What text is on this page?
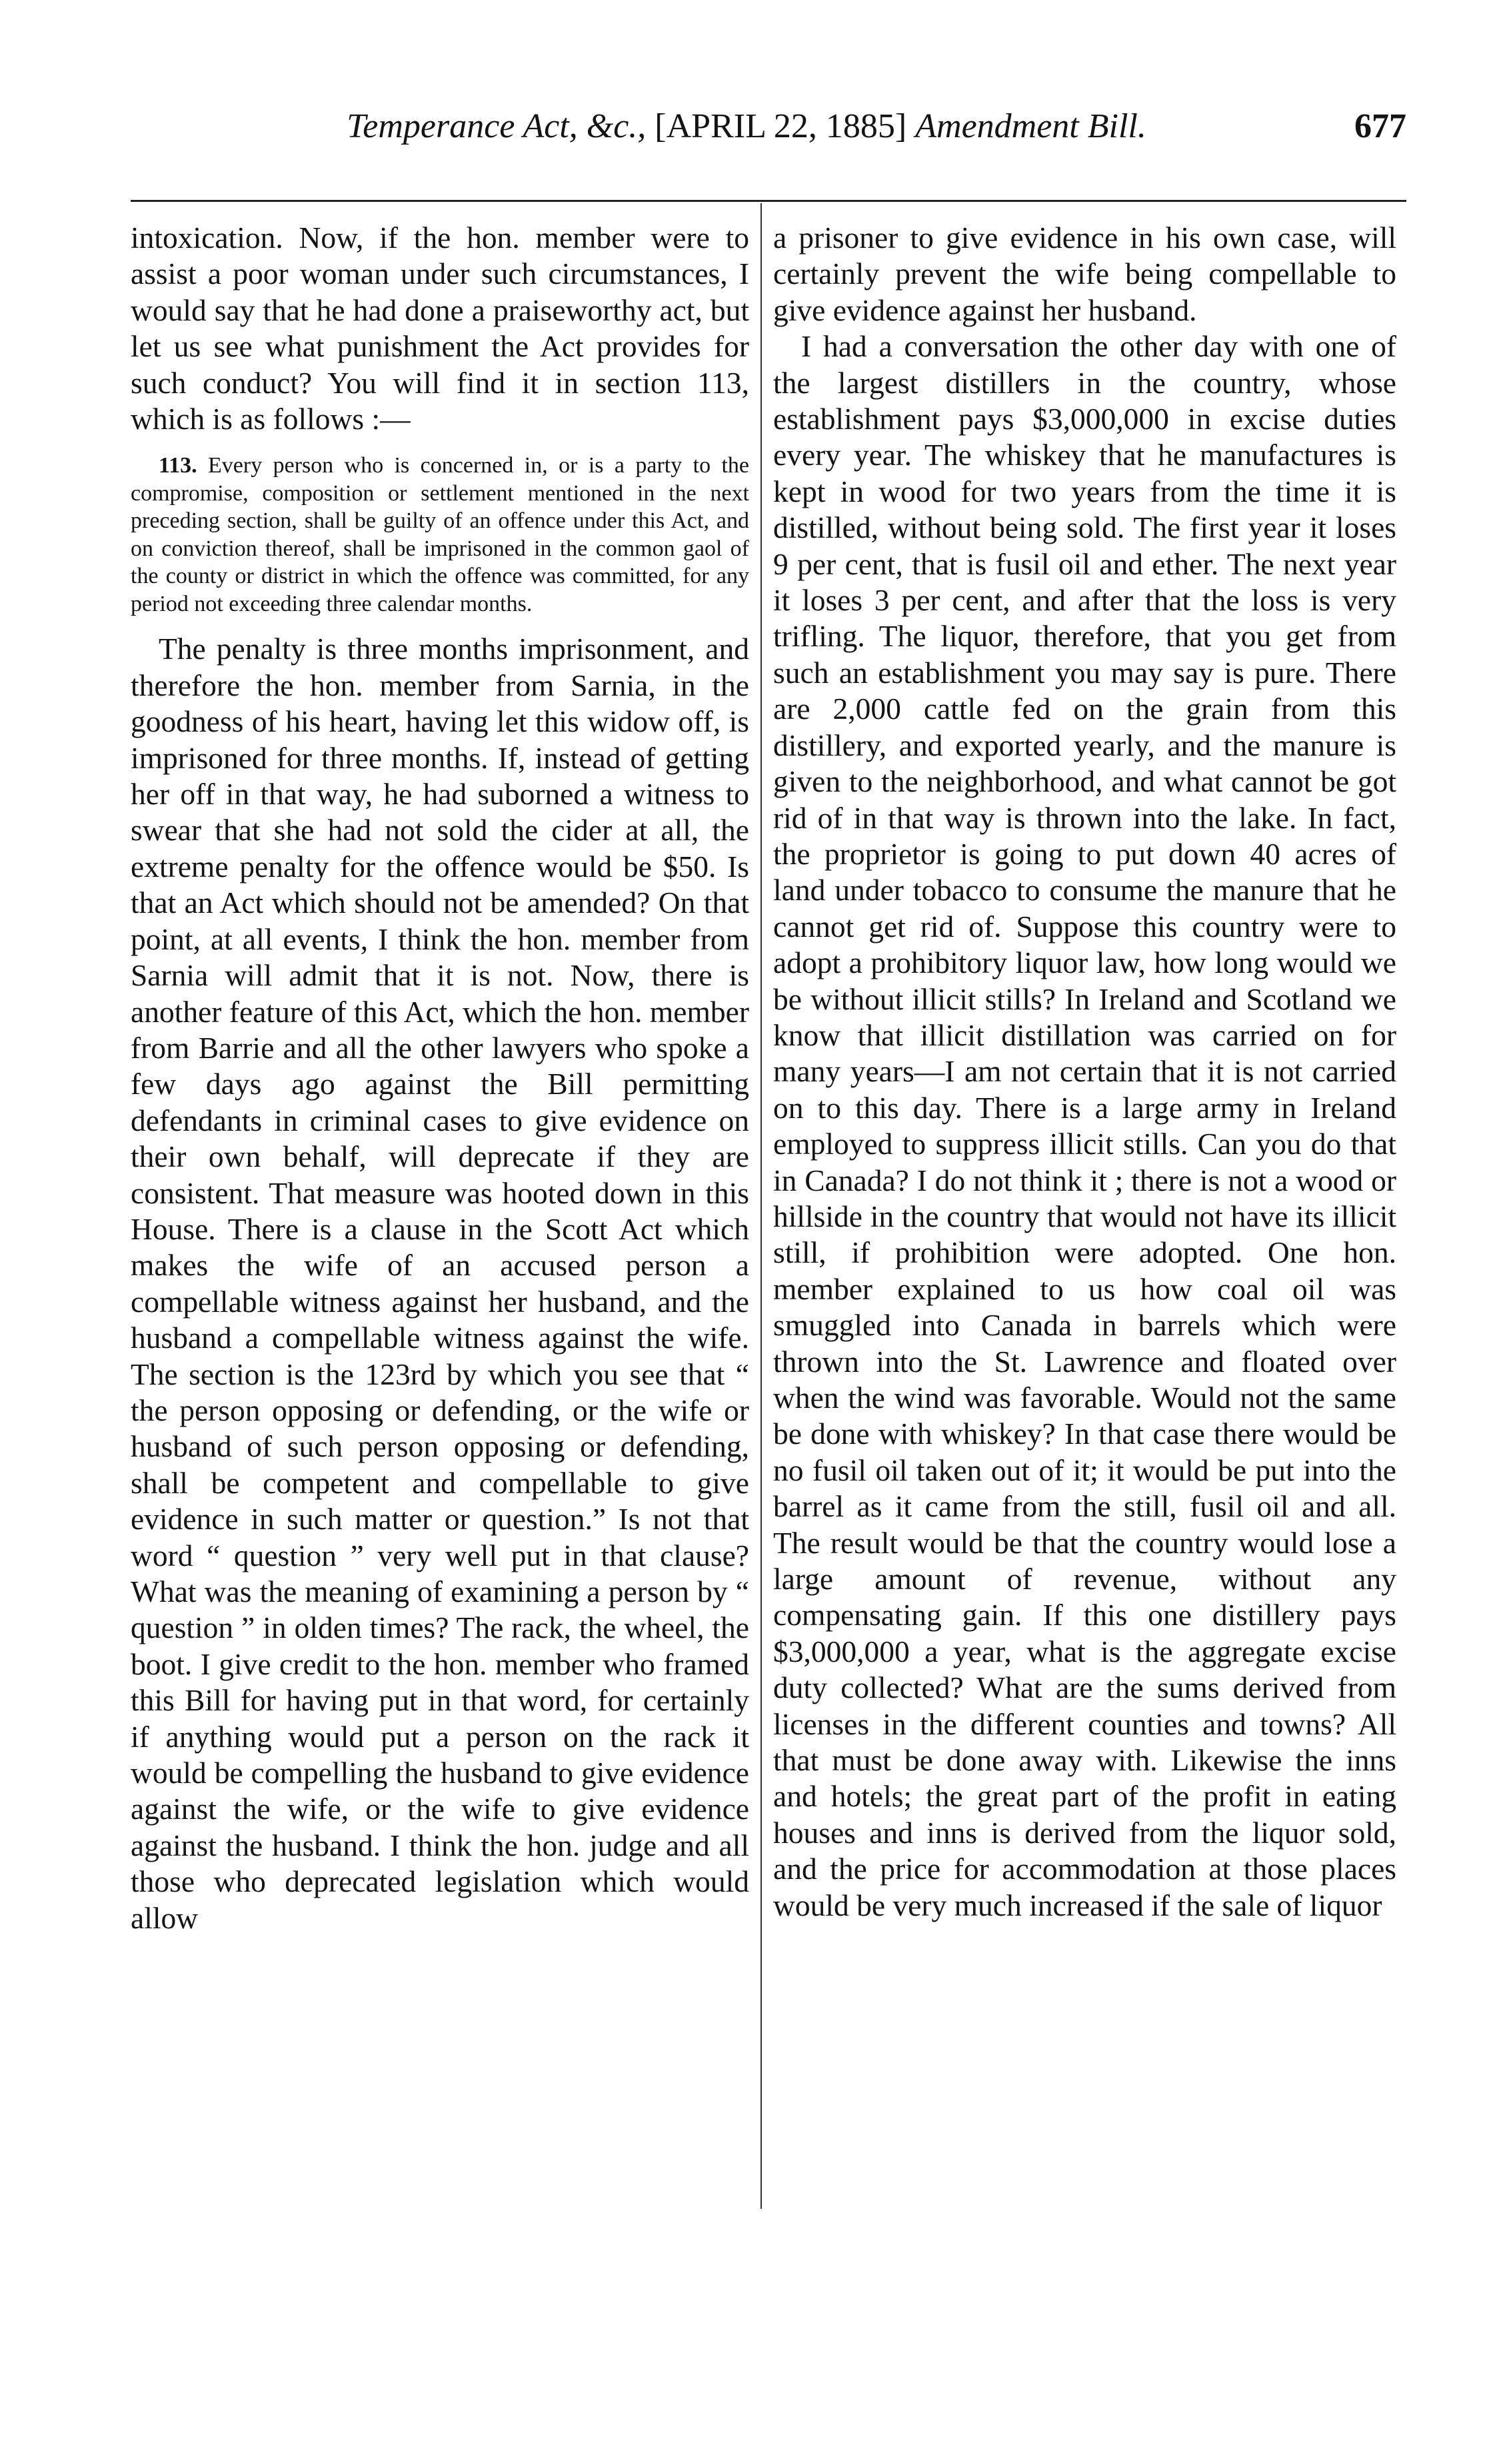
Temperance Act, &c., [APRIL 22, 1885] Amendment Bill.	677

intoxication. Now, if the hon. member were to assist a poor woman under such circumstances, I would say that he had done a praiseworthy act, but let us see what punishment the Act provides for such conduct? You will find it in section 113, which is as follows :—

113. Every person who is concerned in, or is a party to the compromise, composition or settlement mentioned in the next preceding section, shall be guilty of an offence under this Act, and on conviction thereof, shall be imprisoned in the common gaol of the county or district in which the offence was committed, for any period not exceeding three calendar months.

The penalty is three months imprisonment, and therefore the hon. member from Sarnia, in the goodness of his heart, having let this widow off, is imprisoned for three months. If, instead of getting her off in that way, he had suborned a witness to swear that she had not sold the cider at all, the extreme penalty for the offence would be $50. Is that an Act which should not be amended? On that point, at all events, I think the hon. member from Sarnia will admit that it is not. Now, there is another feature of this Act, which the hon. member from Barrie and all the other lawyers who spoke a few days ago against the Bill permitting defendants in criminal cases to give evidence on their own behalf, will deprecate if they are consistent. That measure was hooted down in this House. There is a clause in the Scott Act which makes the wife of an accused person a compellable witness against her husband, and the husband a compellable witness against the wife. The section is the 123rd by which you see that “ the person opposing or defending, or the wife or husband of such person opposing or defending, shall be competent and compellable to give evidence in such matter or question.” Is not that word “ question ” very well put in that clause? What was the meaning of examining a person by “ question ” in olden times? The rack, the wheel, the boot. I give credit to the hon. member who framed this Bill for having put in that word, for certainly if anything would put a person on the rack it would be compelling the husband to give evidence against the wife, or the wife to give evidence against the husband. I think the hon. judge and all those who deprecated legislation which would allow

a prisoner to give evidence in his own case, will certainly prevent the wife being compellable to give evidence against her husband.

I had a conversation the other day with one of the largest distillers in the country, whose establishment pays $3,000,000 in excise duties every year. The whiskey that he manufactures is kept in wood for two years from the time it is distilled, without being sold. The first year it loses 9 per cent, that is fusil oil and ether. The next year it loses 3 per cent, and after that the loss is very trifling. The liquor, therefore, that you get from such an establishment you may say is pure. There are 2,000 cattle fed on the grain from this distillery, and exported yearly, and the manure is given to the neighborhood, and what cannot be got rid of in that way is thrown into the lake. In fact, the proprietor is going to put down 40 acres of land under tobacco to consume the manure that he cannot get rid of. Suppose this country were to adopt a prohibitory liquor law, how long would we be without illicit stills? In Ireland and Scotland we know that illicit distillation was carried on for many years—I am not certain that it is not carried on to this day. There is a large army in Ireland employed to suppress illicit stills. Can you do that in Canada? I do not think it ; there is not a wood or hillside in the country that would not have its illicit still, if prohibition were adopted. One hon. member explained to us how coal oil was smuggled into Canada in barrels which were thrown into the St. Lawrence and floated over when the wind was favorable. Would not the same be done with whiskey? In that case there would be no fusil oil taken out of it; it would be put into the barrel as it came from the still, fusil oil and all. The result would be that the country would lose a large amount of revenue, without any compensating gain. If this one distillery pays $3,000,000 a year, what is the aggregate excise duty collected? What are the sums derived from licenses in the different counties and towns? All that must be done away with. Likewise the inns and hotels; the great part of the profit in eating houses and inns is derived from the liquor sold, and the price for accommodation at those places would be very much increased if the sale of liquor
